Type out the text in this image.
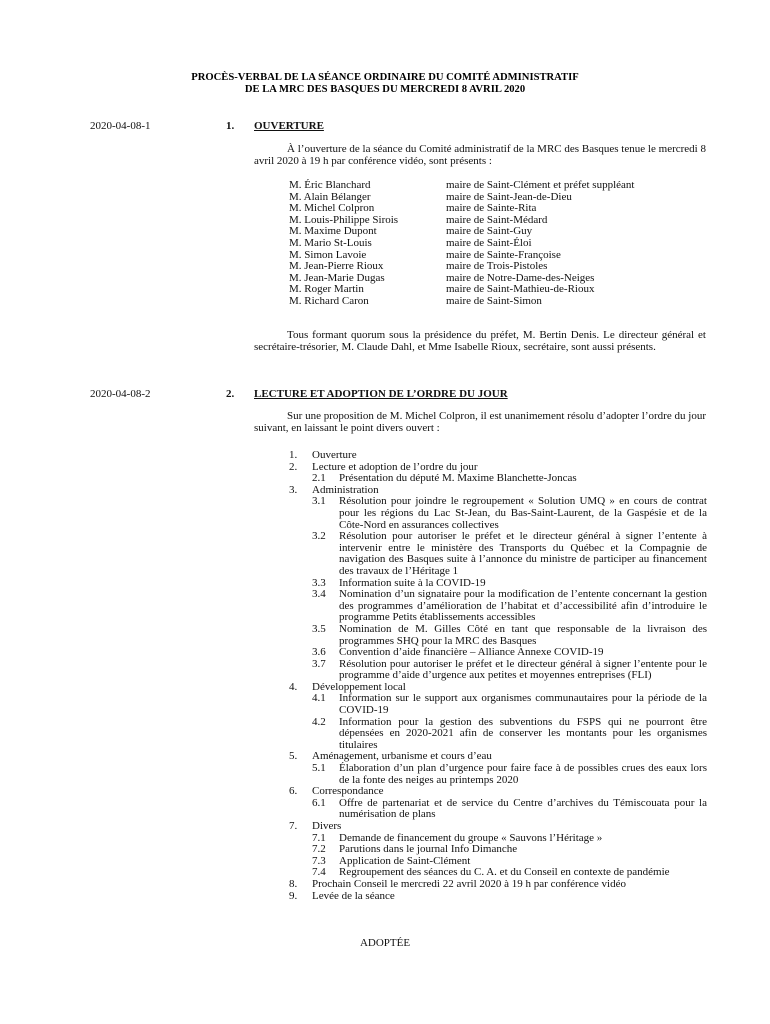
PROCÈS-VERBAL DE LA SÉANCE ORDINAIRE DU COMITÉ ADMINISTRATIF
DE LA MRC DES BASQUES DU MERCREDI 8 AVRIL 2020
2020-04-08-1	1. OUVERTURE
À l’ouverture de la séance du Comité administratif de la MRC des Basques tenue le mercredi 8 avril 2020 à 19 h par conférence vidéo, sont présents :
M. Éric Blanchard	maire de Saint-Clément et préfet suppléant
M. Alain Bélanger	maire de Saint-Jean-de-Dieu
M. Michel Colpron	maire de Sainte-Rita
M. Louis-Philippe Sirois	maire de Saint-Médard
M. Maxime Dupont	maire de Saint-Guy
M. Mario St-Louis	maire de Saint-Éloi
M. Simon Lavoie	maire de Sainte-Françoise
M. Jean-Pierre Rioux	maire de Trois-Pistoles
M. Jean-Marie Dugas	maire de Notre-Dame-des-Neiges
M. Roger Martin	maire de Saint-Mathieu-de-Rioux
M. Richard Caron	maire de Saint-Simon
Tous formant quorum sous la présidence du préfet, M. Bertin Denis. Le directeur général et secrétaire-trésorier, M. Claude Dahl, et Mme Isabelle Rioux, secrétaire, sont aussi présents.
2020-04-08-2	2. LECTURE ET ADOPTION DE L’ORDRE DU JOUR
Sur une proposition de M. Michel Colpron, il est unanimement résolu d’adopter l’ordre du jour suivant, en laissant le point divers ouvert :
1.	Ouverture
2.	Lecture et adoption de l’ordre du jour
2.1	Présentation du député M. Maxime Blanchette-Joncas
3.	Administration
3.1	Résolution pour joindre le regroupement « Solution UMQ » en cours de contrat pour les régions du Lac St-Jean, du Bas-Saint-Laurent, de la Gaspésie et de la Côte-Nord en assurances collectives
3.2	Résolution pour autoriser le préfet et le directeur général à signer l’entente à intervenir entre le ministère des Transports du Québec et la Compagnie de navigation des Basques suite à l’annonce du ministre de participer au financement des travaux de l’Héritage 1
3.3	Information suite à la COVID-19
3.4	Nomination d’un signataire pour la modification de l’entente concernant la gestion des programmes d’amélioration de l’habitat et d’accessibilité afin d’introduire le programme Petits établissements accessibles
3.5	Nomination de M. Gilles Côté en tant que responsable de la livraison des programmes SHQ pour la MRC des Basques
3.6	Convention d’aide financière – Alliance Annexe COVID-19
3.7	Résolution pour autoriser le préfet et le directeur général à signer l’entente pour le programme d’aide d’urgence aux petites et moyennes entreprises (FLI)
4.	Développement local
4.1	Information sur le support aux organismes communautaires pour la période de la COVID-19
4.2	Information pour la gestion des subventions du FSPS qui ne pourront être dépensées en 2020-2021 afin de conserver les montants pour les organismes titulaires
5.	Aménagement, urbanisme et cours d’eau
5.1	Élaboration d’un plan d’urgence pour faire face à de possibles crues des eaux lors de la fonte des neiges au printemps 2020
6.	Correspondance
6.1	Offre de partenariat et de service du Centre d’archives du Témiscouata pour la numérisation de plans
7.	Divers
7.1	Demande de financement du groupe « Sauvons l’Héritage »
7.2	Parutions dans le journal Info Dimanche
7.3	Application de Saint-Clément
7.4	Regroupement des séances du C. A. et du Conseil en contexte de pandémie
8.	Prochain Conseil le mercredi 22 avril 2020 à 19 h par conférence vidéo
9.	Levée de la séance
ADOPTÉE
